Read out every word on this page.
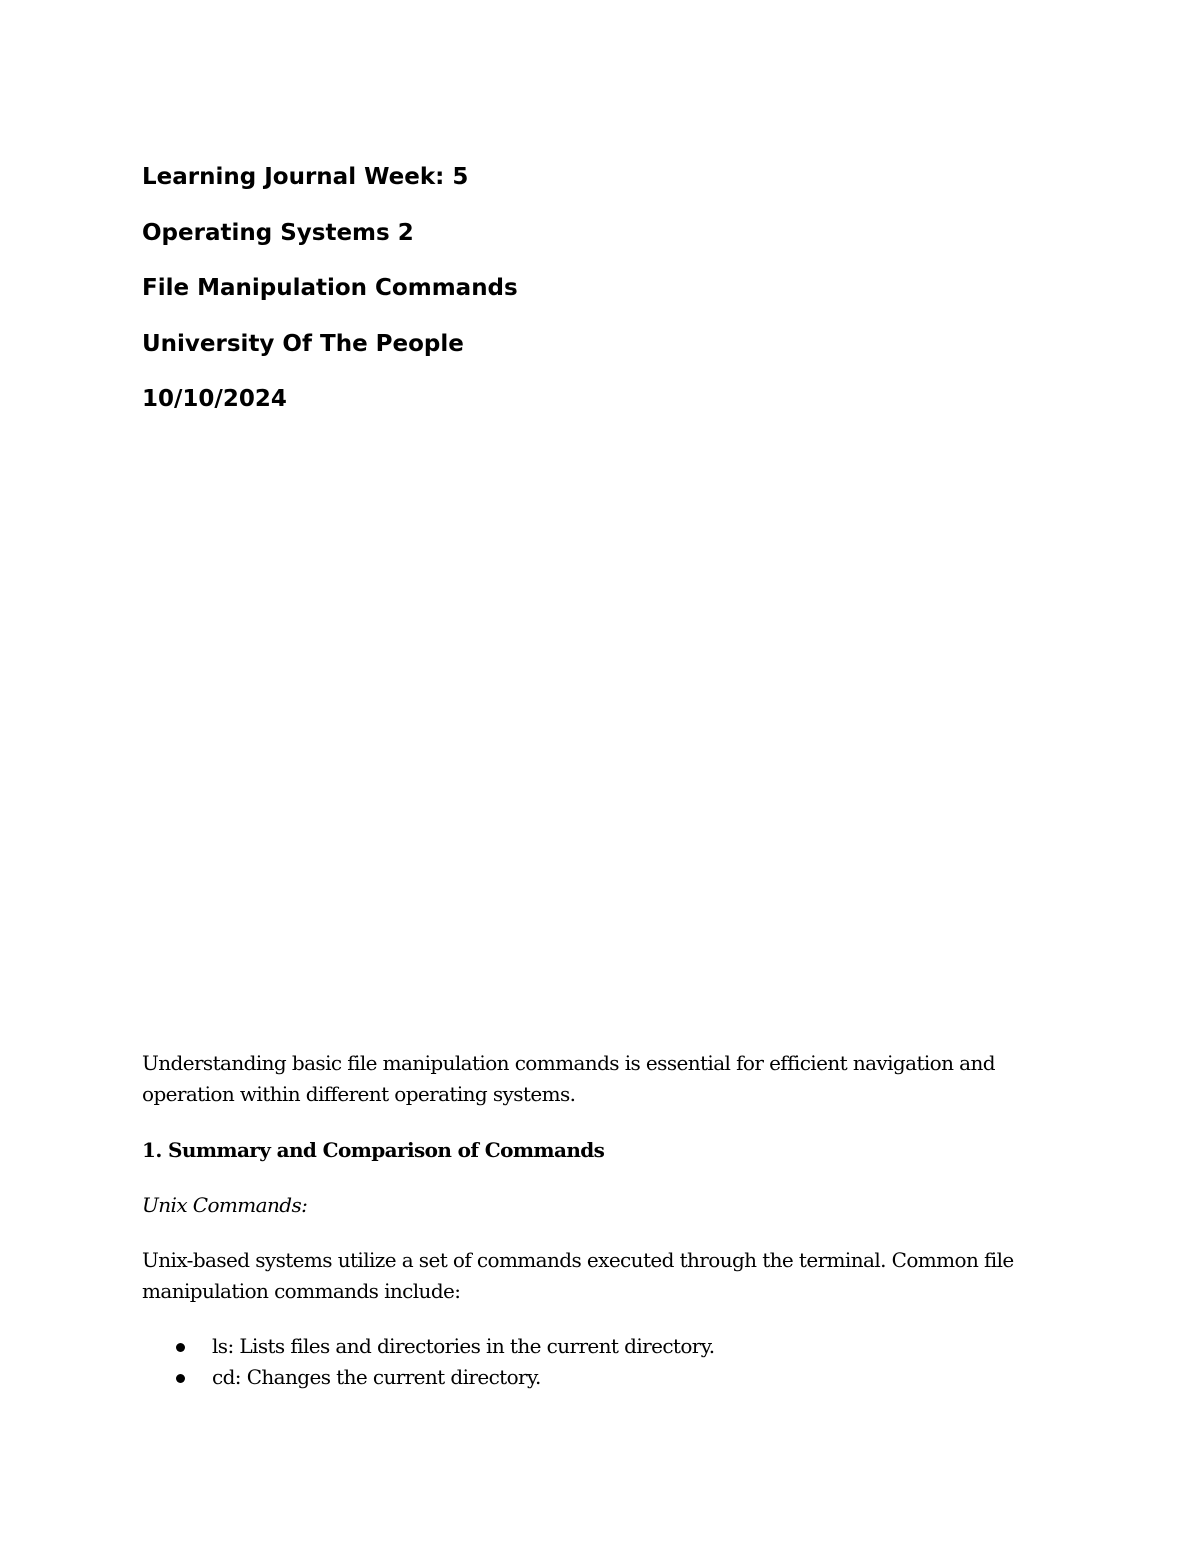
Learning Journal Week: 5
Operating Systems 2
File Manipulation Commands
University Of The People
10/10/2024

Understanding basic file manipulation commands is essential for efficient navigation and operation within different operating systems.

1. Summary and Comparison of Commands

Unix Commands:

Unix-based systems utilize a set of commands executed through the terminal. Common file manipulation commands include:

ls: Lists files and directories in the current directory.
cd: Changes the current directory.
